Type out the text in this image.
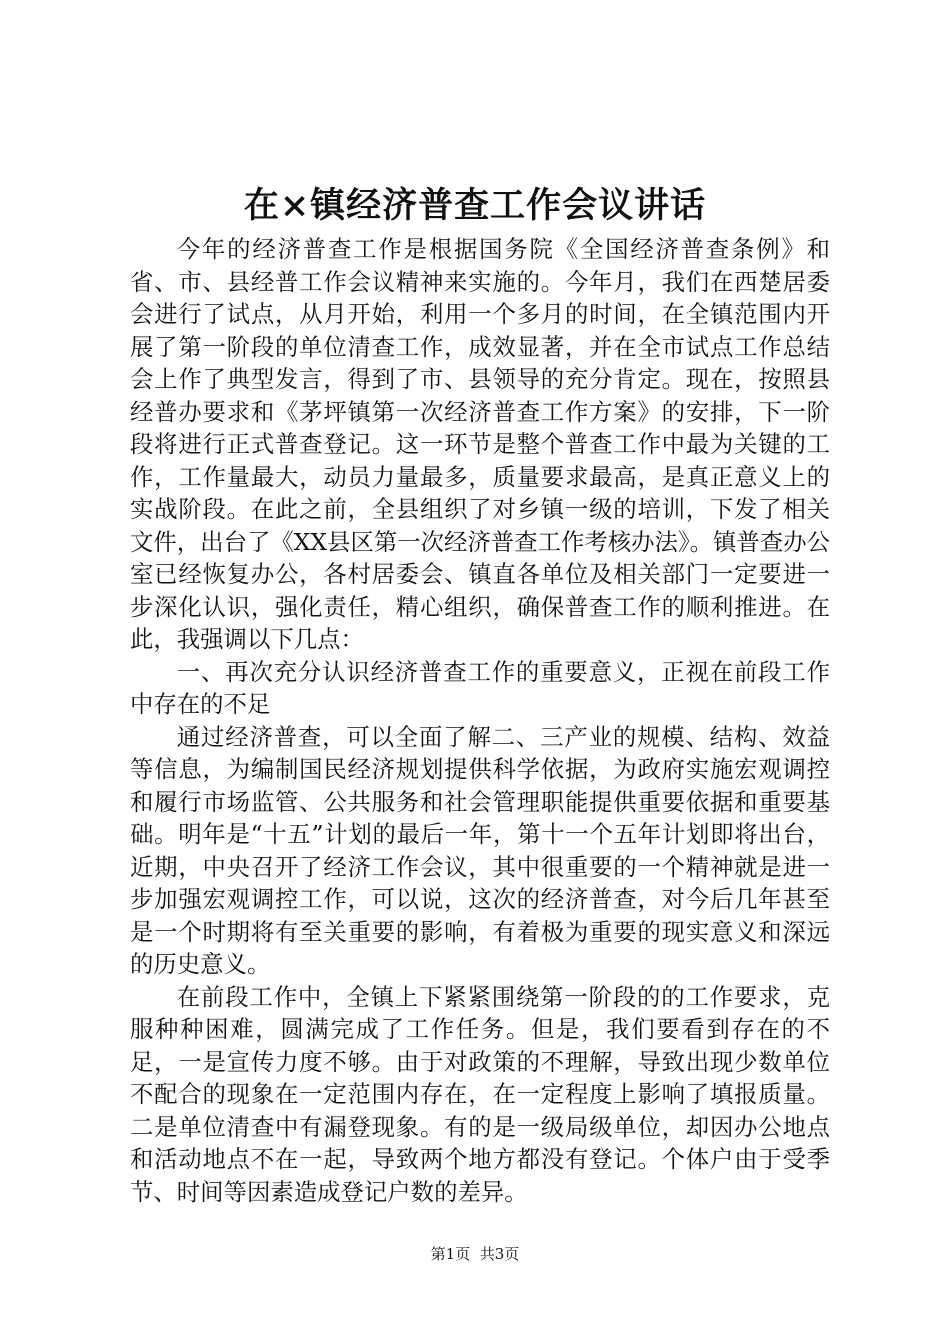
在×镇经济普查工作会议讲话

今年的经济普查工作是根据国务院《全国经济普查条例》和省、市、县经普工作会议精神来实施的。今年月，我们在西楚居委会进行了试点，从月开始，利用一个多月的时间，在全镇范围内开展了第一阶段的单位清查工作，成效显著，并在全市试点工作总结会上作了典型发言，得到了市、县领导的充分肯定。现在，按照县经普办要求和《茅坪镇第一次经济普查工作方案》的安排，下一阶段将进行正式普查登记。这一环节是整个普查工作中最为关键的工作，工作量最大，动员力量最多，质量要求最高，是真正意义上的实战阶段。在此之前，全县组织了对乡镇一级的培训，下发了相关文件，出台了《XX县区第一次经济普查工作考核办法》。镇普查办公室已经恢复办公，各村居委会、镇直各单位及相关部门一定要进一步深化认识，强化责任，精心组织，确保普查工作的顺利推进。在此，我强调以下几点：

一、再次充分认识经济普查工作的重要意义，正视在前段工作中存在的不足

通过经济普查，可以全面了解二、三产业的规模、结构、效益等信息，为编制国民经济规划提供科学依据，为政府实施宏观调控和履行市场监管、公共服务和社会管理职能提供重要依据和重要基础。明年是“十五”计划的最后一年，第十一个五年计划即将出台，近期，中央召开了经济工作会议，其中很重要的一个精神就是进一步加强宏观调控工作，可以说，这次的经济普查，对今后几年甚至是一个时期将有至关重要的影响，有着极为重要的现实意义和深远的历史意义。

在前段工作中，全镇上下紧紧围绕第一阶段的的工作要求，克服种种困难，圆满完成了工作任务。但是，我们要看到存在的不足，一是宣传力度不够。由于对政策的不理解，导致出现少数单位不配合的现象在一定范围内存在，在一定程度上影响了填报质量。二是单位清查中有漏登现象。有的是一级局级单位，却因办公地点和活动地点不在一起，导致两个地方都没有登记。个体户由于受季节、时间等因素造成登记户数的差异。

第1页 共3页
